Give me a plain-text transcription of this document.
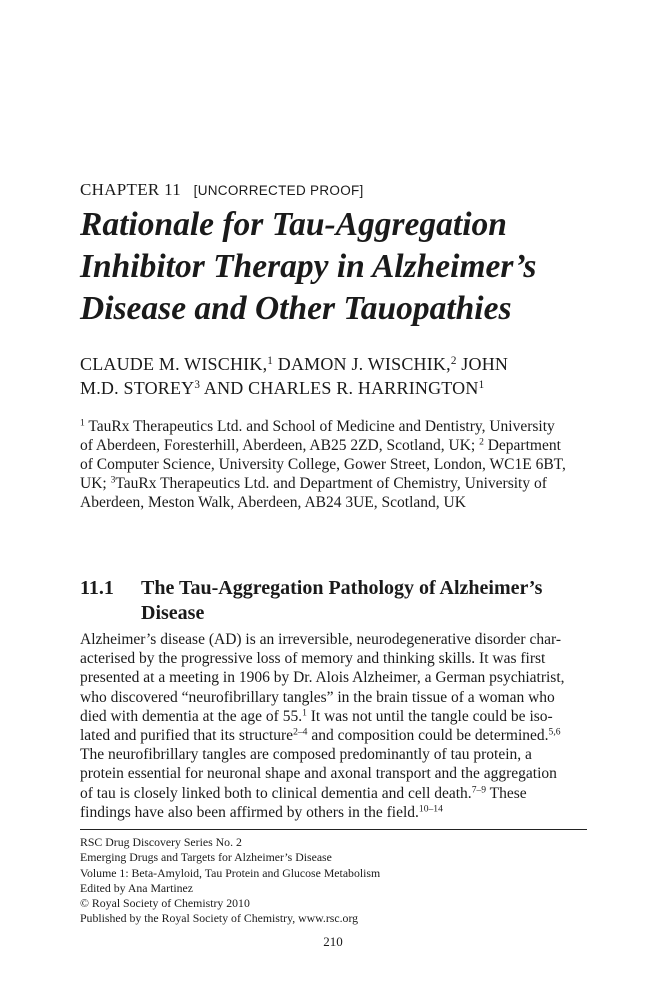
CHAPTER 11 [UNCORRECTED PROOF]
Rationale for Tau-Aggregation
Inhibitor Therapy in Alzheimer’s
Disease and Other Tauopathies
CLAUDE M. WISCHIK,$^1$ DAMON J. WISCHIK,$^2$ JOHN
M.D. STOREY$^3$ AND CHARLES R. HARRINGTON$^1$
$^1$ TauRx Therapeutics Ltd. and School of Medicine and Dentistry, University
of Aberdeen, Foresterhill, Aberdeen, AB25 2ZD, Scotland, UK; $^2$ Department
of Computer Science, University College, Gower Street, London, WC1E 6BT,
UK; $^3$TauRx Therapeutics Ltd. and Department of Chemistry, University of
Aberdeen, Meston Walk, Aberdeen, AB24 3UE, Scotland, UK
11.1 The Tau-Aggregation Pathology of Alzheimer’s
Disease
Alzheimer’s disease (AD) is an irreversible, neurodegenerative disorder char-
acterised by the progressive loss of memory and thinking skills. It was first
presented at a meeting in 1906 by Dr. Alois Alzheimer, a German psychiatrist,
who discovered “neurofibrillary tangles” in the brain tissue of a woman who
died with dementia at the age of 55.$^1$ It was not until the tangle could be iso-
lated and purified that its structure$^{2-4}$ and composition could be determined.$^{5,6}$
The neurofibrillary tangles are composed predominantly of tau protein, a
protein essential for neuronal shape and axonal transport and the aggregation
of tau is closely linked both to clinical dementia and cell death.$^{7-9}$ These
findings have also been affirmed by others in the field.$^{10-14}$
RSC Drug Discovery Series No. 2
Emerging Drugs and Targets for Alzheimer’s Disease
Volume 1: Beta-Amyloid, Tau Protein and Glucose Metabolism
Edited by Ana Martinez
© Royal Society of Chemistry 2010
Published by the Royal Society of Chemistry, www.rsc.org
210
